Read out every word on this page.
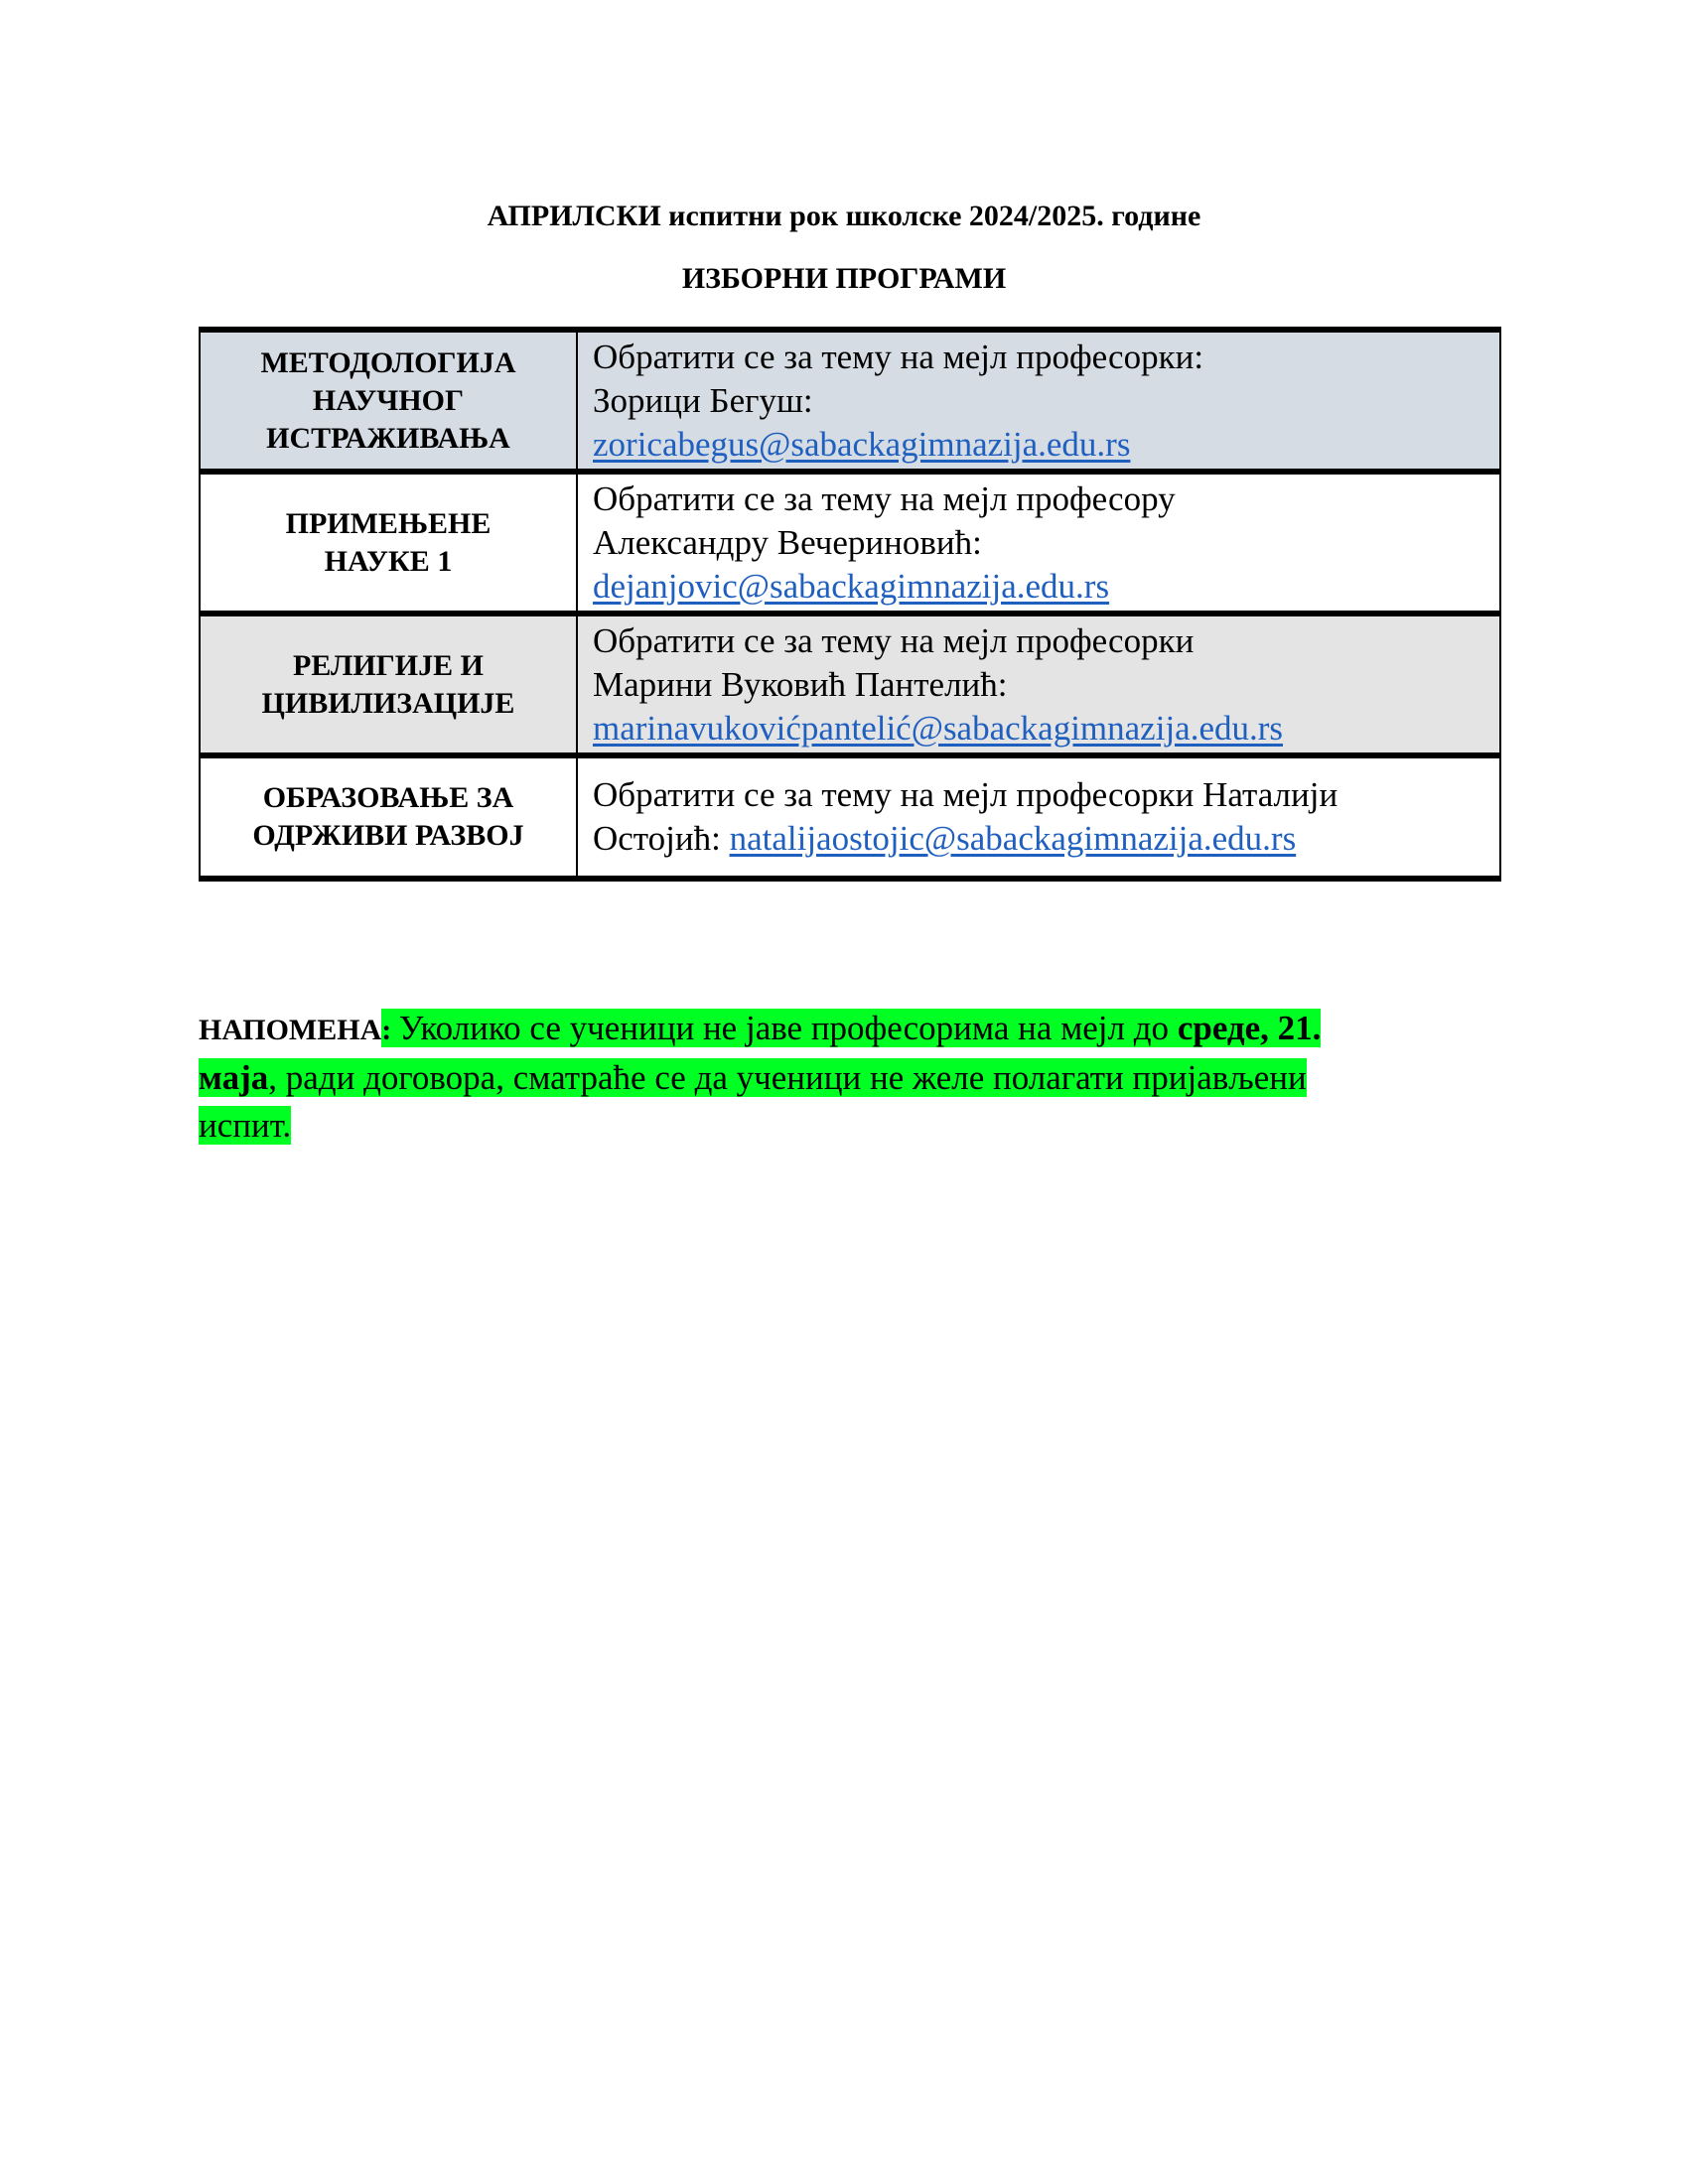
АПРИЛСКИ испитни рок школске 2024/2025. године
ИЗБОРНИ ПРОГРАМИ
МЕТОДОЛОГИЈА
НАУЧНОГ
ИСТРАЖИВАЊА	Обратити се за тему на мејл професорки:
Зорици Бегуш:
zoricabegus@sabackagimnazija.edu.rs
ПРИМЕЊЕНЕ
НАУКЕ 1	Обратити се за тему на мејл професору
Александру Вечериновић:
dejanjovic@sabackagimnazija.edu.rs
РЕЛИГИЈЕ И
ЦИВИЛИЗАЦИЈЕ	Обратити се за тему на мејл професорки
Марини Вуковић Пантелић:
marinavukovićpantelić@sabackagimnazija.edu.rs
ОБРАЗОВАЊЕ ЗА
ОДРЖИВИ РАЗВОЈ	Обратити се за тему на мејл професорки Наталији
Остојић: natalijaostojic@sabackagimnazija.edu.rs
НАПОМЕНА: Уколико се ученици не јаве професорима на мејл до среде, 21.
маја, ради договора, сматраће се да ученици не желе полагати пријављени
испит.
